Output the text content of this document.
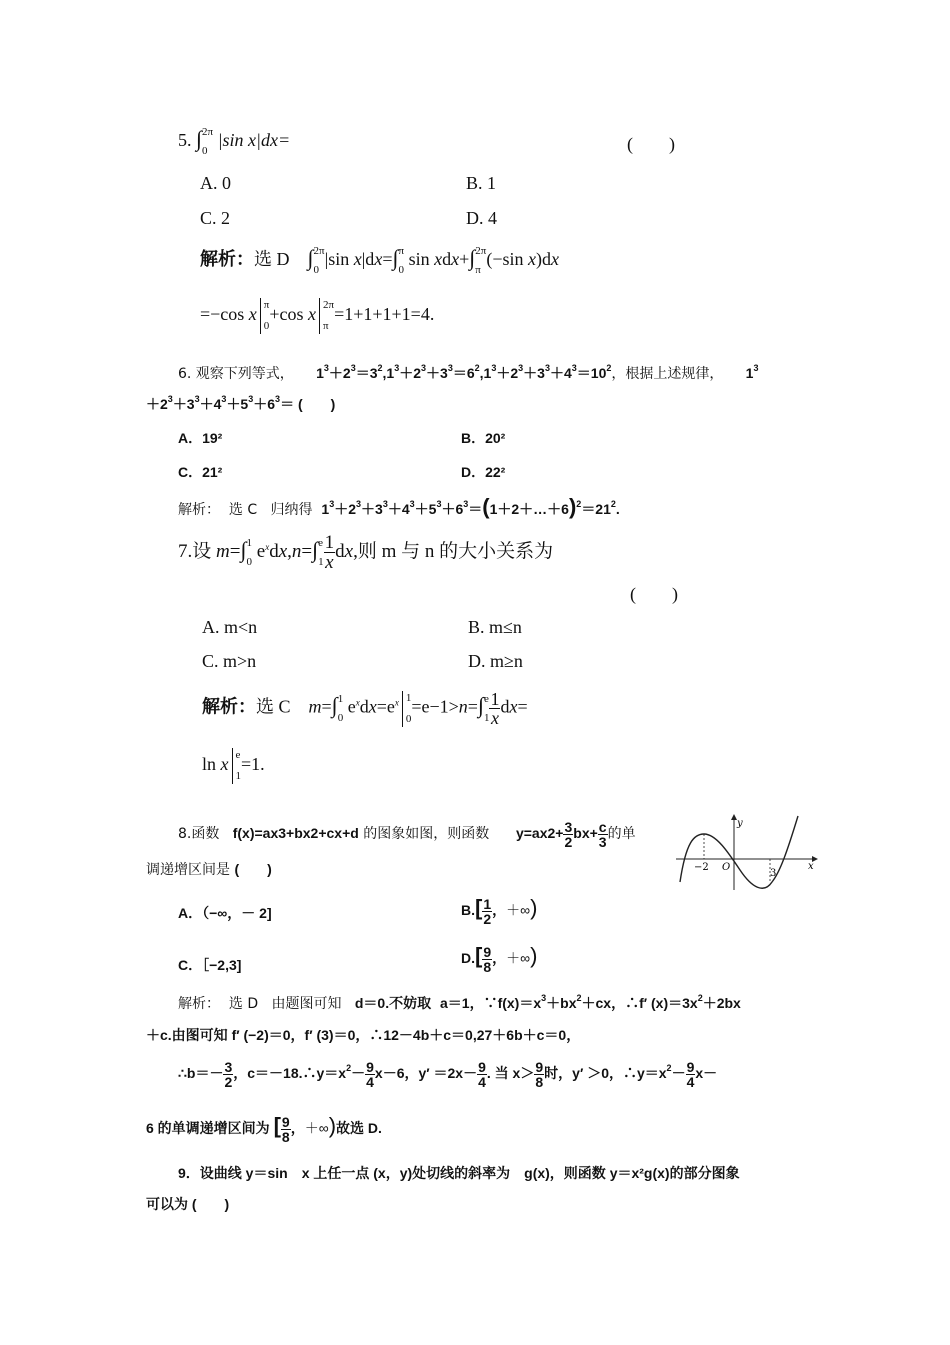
5. ∫ 2π
0
|sin x|dx=	(　　)
A. 0	B. 1
C. 2	D. 4
解析：选 D ∫ 2π
0
|sin x|dx=∫ π
0
sin xdx+∫ 2π
π
(−sin x)dx
=−cos x π
0
+cos x 2π
π
=1+1+1+1=4.
6. 观察下列等式， $1^3+2^3=3^2,1^3+2^3+3^3=6^2,1^3+2^3+3^3+4^3=10^2$，根据上述规律， $1^3$
$+2^3+3^3+4^3+5^3+6^3=$ (　　)
A．19²	B．20²
C．21²	D．22²
解析： 选 C 归纳得 $1^3+2^3+3^3+4^3+5^3+6^3=(1+2+\dots+6)^2=21^2$.
7.设 m=∫ 1
0 $e^xdx,n=\int$ e
$1 \frac{1}{x}$ dx,则 m 与 n 的大小关系为
(　　)
A. m<n	B. m≤n
C. m>n	D. m≥n
解析：选 C m=∫ 1
0
$e^xdx=e^x$ 1
0
=e−1>n=∫ e
$1 \frac{1}{x} dx=$
ln x e
1
=1.
8.函数 f(x)=ax3+bx2+cx+d 的图象如图，则函数 $y=ax2+ \frac{3}{2} bx+ \frac{c}{3}$ 的单
调递增区间是 (　　)
y
x
O
−2
3
A．（−∞，－ 2]	$B.[ \frac{1}{2}$ ，＋∞)
C．［−2,3]	$D.[ \frac{9}{8}$ ，＋∞)
解析： 选 D 由题图可知 d＝0.不妨取 a＝1，$\because f(x)=x^3+bx^2+cx$，∴f′ $(x)=3x^2+2bx$
＋c.由图可知 f′ (−2)＝0，f′ (3)＝0，∴12－4b＋c＝0,27＋6b＋c＝0，
∴b＝－ $\frac{3}{2}$ ，$c=-18.\therefore y=x^2- \frac{9}{4} x-6$，$y' =2x- \frac{9}{4}$ . 当 $x> \frac{9}{8}$ 时，y′ ＞0，$\therefore y=x^2- \frac{9}{4} x-$
6 的单调递增区间为 [ $\frac{9}{8}$ ，＋∞)故选 D.
9．设曲线 y＝sin　x 上任一点 (x，y)处切线的斜率为　g(x)，则函数 y＝x²g(x)的部分图象
可以为 (　　)
